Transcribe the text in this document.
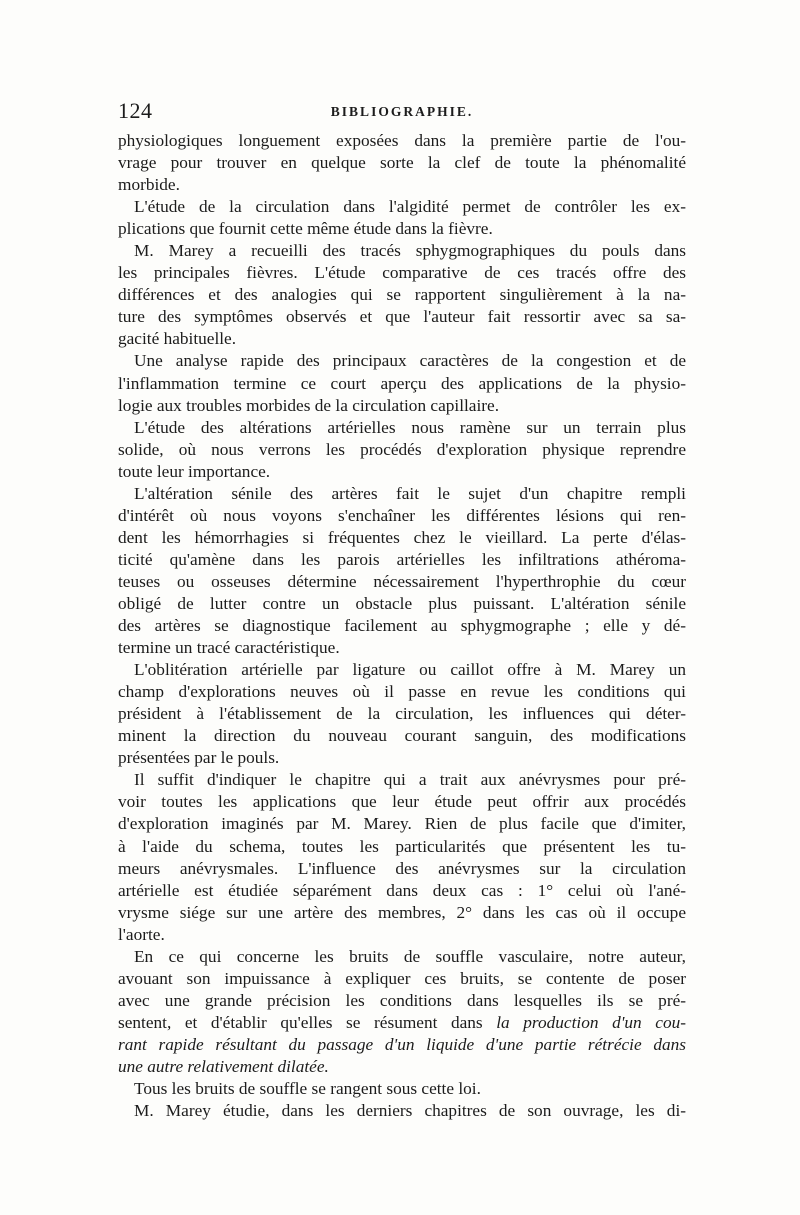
124	BIBLIOGRAPHIE.
physiologiques longuement exposées dans la première partie de l'ou-
vrage pour trouver en quelque sorte la clef de toute la phénomalité
morbide.
L'étude de la circulation dans l'algidité permet de contrôler les ex-
plications que fournit cette même étude dans la fièvre.
M. Marey a recueilli des tracés sphygmographiques du pouls dans
les principales fièvres. L'étude comparative de ces tracés offre des
différences et des analogies qui se rapportent singulièrement à la na-
ture des symptômes observés et que l'auteur fait ressortir avec sa sa-
gacité habituelle.
Une analyse rapide des principaux caractères de la congestion et de
l'inflammation termine ce court aperçu des applications de la physio-
logie aux troubles morbides de la circulation capillaire.
L'étude des altérations artérielles nous ramène sur un terrain plus
solide, où nous verrons les procédés d'exploration physique reprendre
toute leur importance.
L'altération sénile des artères fait le sujet d'un chapitre rempli
d'intérêt où nous voyons s'enchaîner les différentes lésions qui ren-
dent les hémorrhagies si fréquentes chez le vieillard. La perte d'élas-
ticité qu'amène dans les parois artérielles les infiltrations athéroma-
teuses ou osseuses détermine nécessairement l'hyperthrophie du cœur
obligé de lutter contre un obstacle plus puissant. L'altération sénile
des artères se diagnostique facilement au sphygmographe ; elle y dé-
termine un tracé caractéristique.
L'oblitération artérielle par ligature ou caillot offre à M. Marey un
champ d'explorations neuves où il passe en revue les conditions qui
président à l'établissement de la circulation, les influences qui déter-
minent la direction du nouveau courant sanguin, des modifications
présentées par le pouls.
Il suffit d'indiquer le chapitre qui a trait aux anévrysmes pour pré-
voir toutes les applications que leur étude peut offrir aux procédés
d'exploration imaginés par M. Marey. Rien de plus facile que d'imiter,
à l'aide du schema, toutes les particularités que présentent les tu-
meurs anévrysmales. L'influence des anévrysmes sur la circulation
artérielle est étudiée séparément dans deux cas : 1° celui où l'ané-
vrysme siége sur une artère des membres, 2° dans les cas où il occupe
l'aorte.
En ce qui concerne les bruits de souffle vasculaire, notre auteur,
avouant son impuissance à expliquer ces bruits, se contente de poser
avec une grande précision les conditions dans lesquelles ils se pré-
sentent, et d'établir qu'elles se résument dans la production d'un cou-
rant rapide résultant du passage d'un liquide d'une partie rétrécie dans
une autre relativement dilatée.
Tous les bruits de souffle se rangent sous cette loi.
M. Marey étudie, dans les derniers chapitres de son ouvrage, les di-
